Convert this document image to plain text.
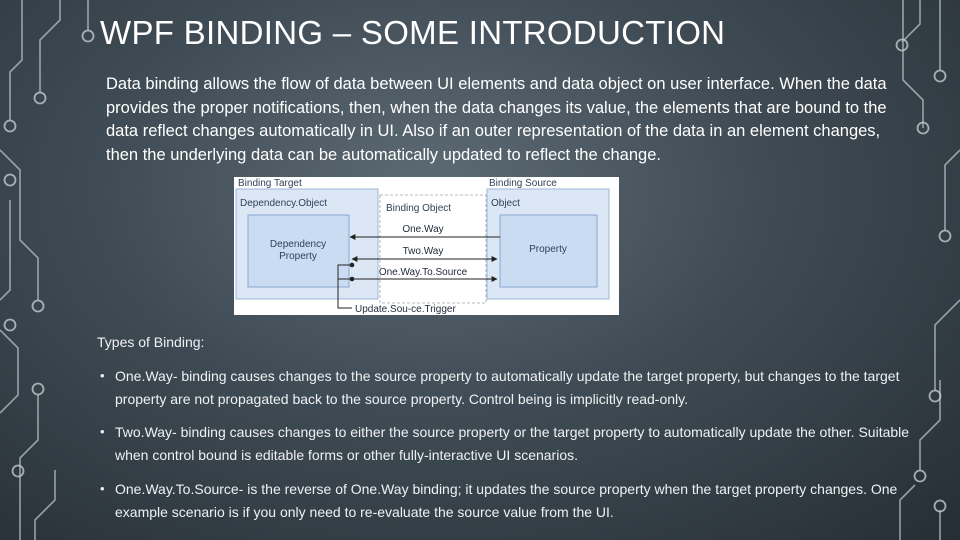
WPF BINDING – SOME INTRODUCTION

Data binding allows the flow of data between UI elements and data object on user interface. When the data provides the proper notifications, then, when the data changes its value, the elements that are bound to the data reflect changes automatically in UI. Also if an outer representation of the data in an element changes, then the underlying data can be automatically updated to reflect the change.

Binding Target	Binding Source
Dependency.Object	Object
Binding Object
Dependency
Property
Property
One.Way
Two.Way
One.Way.To.Source
Update.Sou-ce.Trigger

Types of Binding:

• One.Way- binding causes changes to the source property to automatically update the target property, but changes to the target property are not propagated back to the source property. Control being is implicitly read-only.
• Two.Way- binding causes changes to either the source property or the target property to automatically update the other. Suitable when control bound is editable forms or other fully-interactive UI scenarios.
• One.Way.To.Source- is the reverse of One.Way binding; it updates the source property when the target property changes. One example scenario is if you only need to re-evaluate the source value from the UI.
